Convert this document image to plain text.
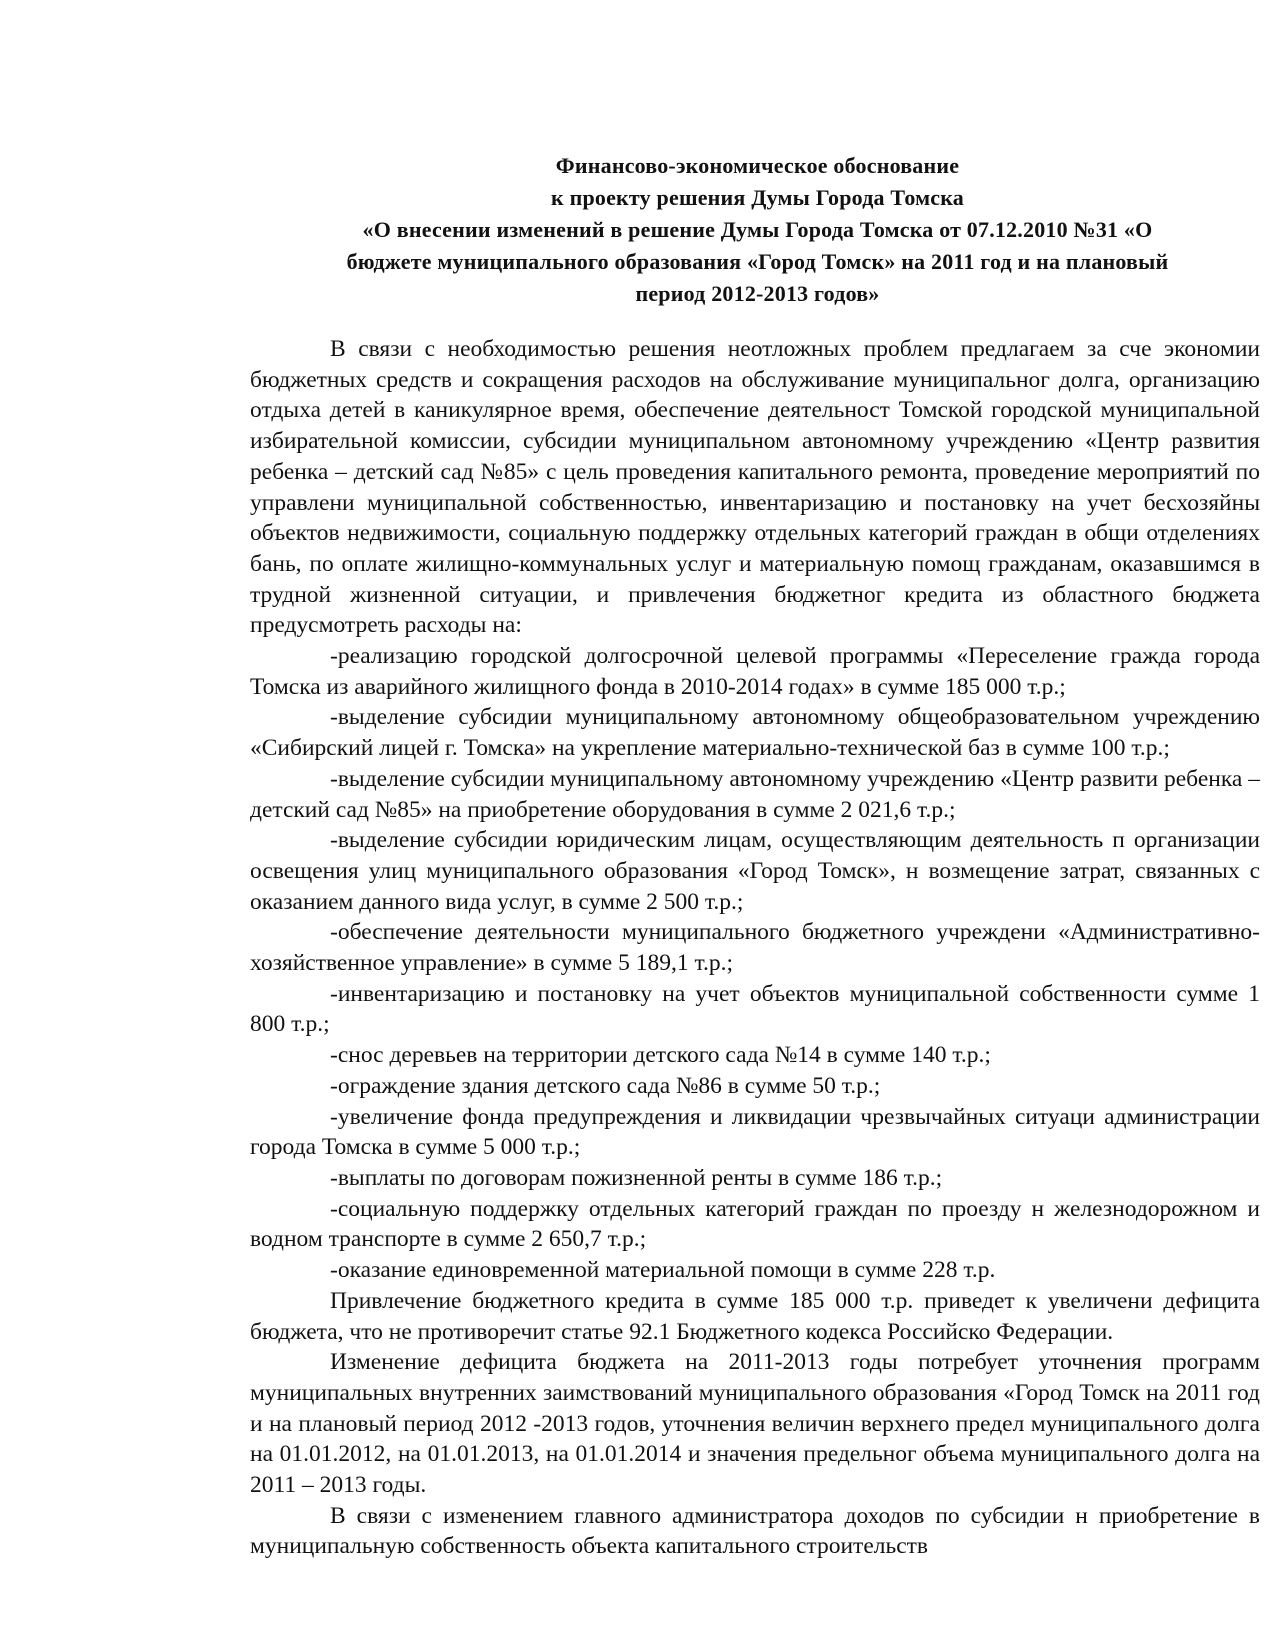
Финансово-экономическое обоснование
к проекту решения Думы Города Томска
«О внесении изменений в решение Думы Города Томска от 07.12.2010 №31 «О
бюджете муниципального образования «Город Томск» на 2011 год и на плановый
период 2012-2013 годов»

В связи с необходимостью решения неотложных проблем предлагаем за сче экономии бюджетных средств и сокращения расходов на обслуживание муниципальног долга, организацию отдыха детей в каникулярное время, обеспечение деятельност Томской городской муниципальной избирательной комиссии, субсидии муниципальном автономному учреждению «Центр развития ребенка – детский сад №85» с цель проведения капитального ремонта, проведение мероприятий по управлени муниципальной собственностью, инвентаризацию и постановку на учет бесхозяйны объектов недвижимости, социальную поддержку отдельных категорий граждан в общи отделениях бань, по оплате жилищно-коммунальных услуг и материальную помощ гражданам, оказавшимся в трудной жизненной ситуации, и привлечения бюджетног кредита из областного бюджета предусмотреть расходы на:

-реализацию городской долгосрочной целевой программы «Переселение гражда города Томска из аварийного жилищного фонда в 2010-2014 годах» в сумме 185 000 т.р.;

-выделение субсидии муниципальному автономному общеобразовательном учреждению «Сибирский лицей г. Томска» на укрепление материально-технической баз в сумме 100 т.р.;

-выделение субсидии муниципальному автономному учреждению «Центр развити ребенка – детский сад №85» на приобретение оборудования в сумме 2 021,6 т.р.;

-выделение субсидии юридическим лицам, осуществляющим деятельность п организации освещения улиц муниципального образования «Город Томск», н возмещение затрат, связанных с оказанием данного вида услуг, в сумме 2 500 т.р.;

-обеспечение деятельности муниципального бюджетного учреждени «Административно-хозяйственное управление» в сумме 5 189,1 т.р.;

-инвентаризацию и постановку на учет объектов муниципальной собственности сумме 1 800 т.р.;

-снос деревьев на территории детского сада №14 в сумме 140 т.р.;

-ограждение здания детского сада №86 в сумме 50 т.р.;

-увеличение фонда предупреждения и ликвидации чрезвычайных ситуаци администрации города Томска в сумме 5 000 т.р.;

-выплаты по договорам пожизненной ренты в сумме 186 т.р.;

-социальную поддержку отдельных категорий граждан по проезду н железнодорожном и водном транспорте в сумме 2 650,7 т.р.;

-оказание единовременной материальной помощи в сумме 228 т.р.

Привлечение бюджетного кредита в сумме 185 000 т.р. приведет к увеличени дефицита бюджета, что не противоречит статье 92.1 Бюджетного кодекса Российско Федерации.

Изменение дефицита бюджета на 2011-2013 годы потребует уточнения программ муниципальных внутренних заимствований муниципального образования «Город Томск на 2011 год и на плановый период 2012 -2013 годов, уточнения величин верхнего предел муниципального долга на 01.01.2012, на 01.01.2013, на 01.01.2014 и значения предельног объема муниципального долга на 2011 – 2013 годы.

В связи с изменением главного администратора доходов по субсидии н приобретение в муниципальную собственность объекта капитального строительств
